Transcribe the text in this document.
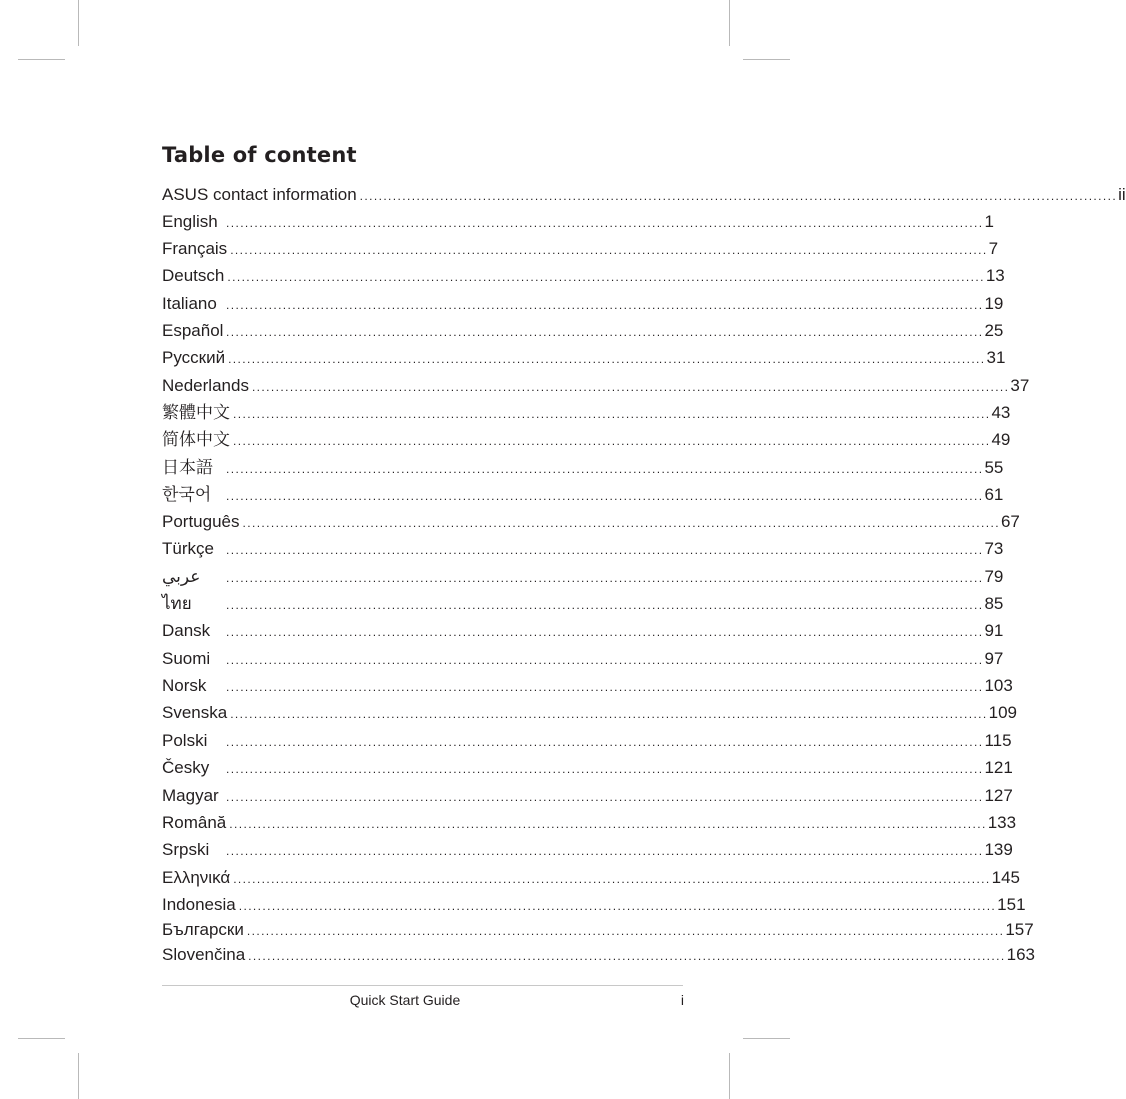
Table of content
ASUS contact information ................................................................................................................................................................ ii
English ................................................................................................................................................................ 1
Français ................................................................................................................................................................ 7
Deutsch ................................................................................................................................................................ 13
Italiano ................................................................................................................................................................ 19
Español ................................................................................................................................................................ 25
Русский ................................................................................................................................................................ 31
Nederlands ................................................................................................................................................................ 37
繁體中文 ................................................................................................................................................................ 43
简体中文 ................................................................................................................................................................ 49
日本語	................................................................................................................................................................ 55
한국어	................................................................................................................................................................ 61
Português ................................................................................................................................................................ 67
Türkçe	................................................................................................................................................................ 73
عربي	................................................................................................................................................................ 79
ไทย	................................................................................................................................................................ 85
Dansk	................................................................................................................................................................ 91
Suomi	................................................................................................................................................................ 97
Norsk	................................................................................................................................................................ 103
Svenska ................................................................................................................................................................ 109
Polski	................................................................................................................................................................ 115
Česky	................................................................................................................................................................ 121
Magyar ................................................................................................................................................................ 127
Română ................................................................................................................................................................ 133
Srpski	................................................................................................................................................................ 139
Ελληνικά ................................................................................................................................................................ 145
Indonesia ................................................................................................................................................................ 151
Български ................................................................................................................................................................ 157
Slovenčina ................................................................................................................................................................ 163
Quick Start Guide	i
